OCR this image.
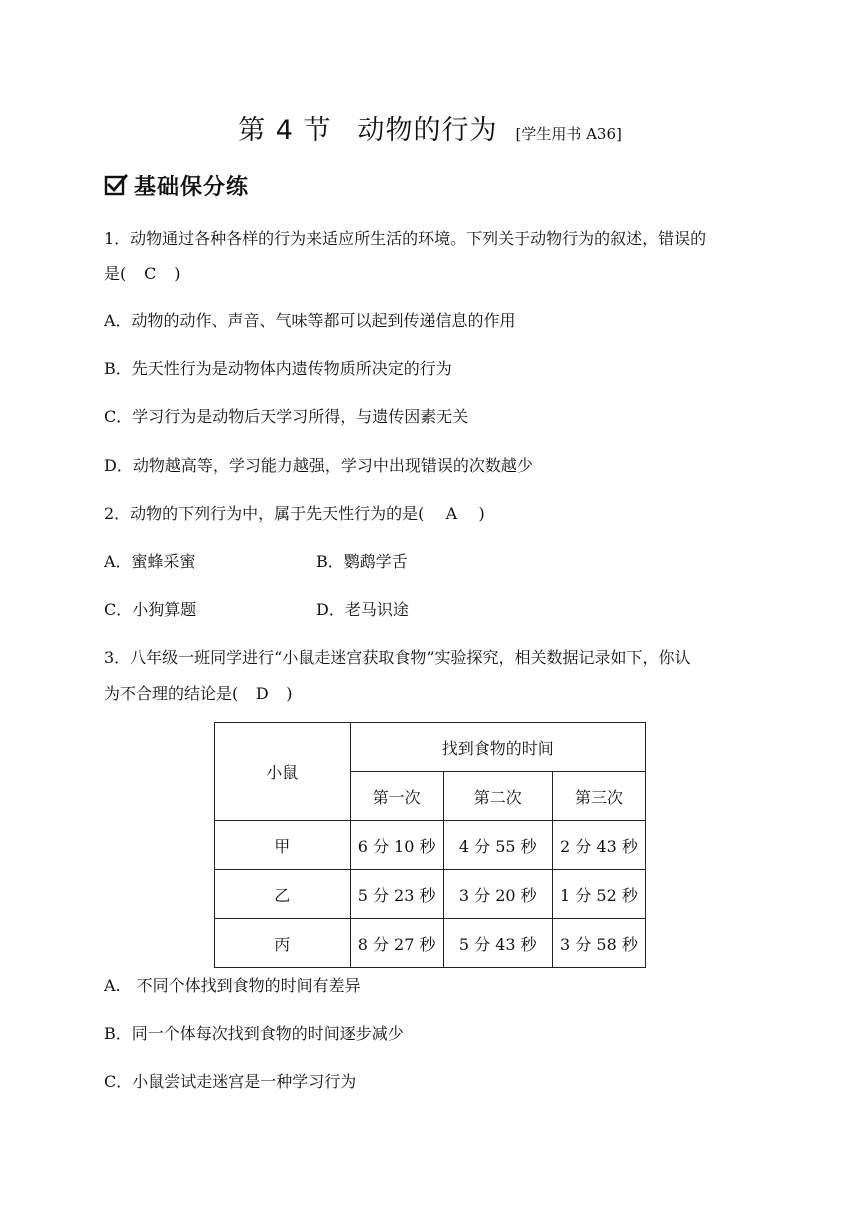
第 4 节 动物的行为 [学生用书 A36]
基础保分练
1．动物通过各种各样的行为来适应所生活的环境。下列关于动物行为的叙述，错误的
是( C )
A．动物的动作、声音、气味等都可以起到传递信息的作用
B．先天性行为是动物体内遗传物质所决定的行为
C．学习行为是动物后天学习所得，与遗传因素无关
D．动物越高等，学习能力越强，学习中出现错误的次数越少
2．动物的下列行为中，属于先天性行为的是( A )
A．蜜蜂采蜜	B．鹦鹉学舌
C．小狗算题	D．老马识途
3．八年级一班同学进行“小鼠走迷宫获取食物”实验探究，相关数据记录如下，你认
为不合理的结论是( D )
小鼠	找到食物的时间		
	第一次	第二次	第三次
甲	6 分 10 秒	4 分 55 秒	2 分 43 秒
乙	5 分 23 秒	3 分 20 秒	1 分 52 秒
丙	8 分 27 秒	5 分 43 秒	3 分 58 秒
A.　不同个体找到食物的时间有差异
B．同一个体每次找到食物的时间逐步减少
C．小鼠尝试走迷宫是一种学习行为
